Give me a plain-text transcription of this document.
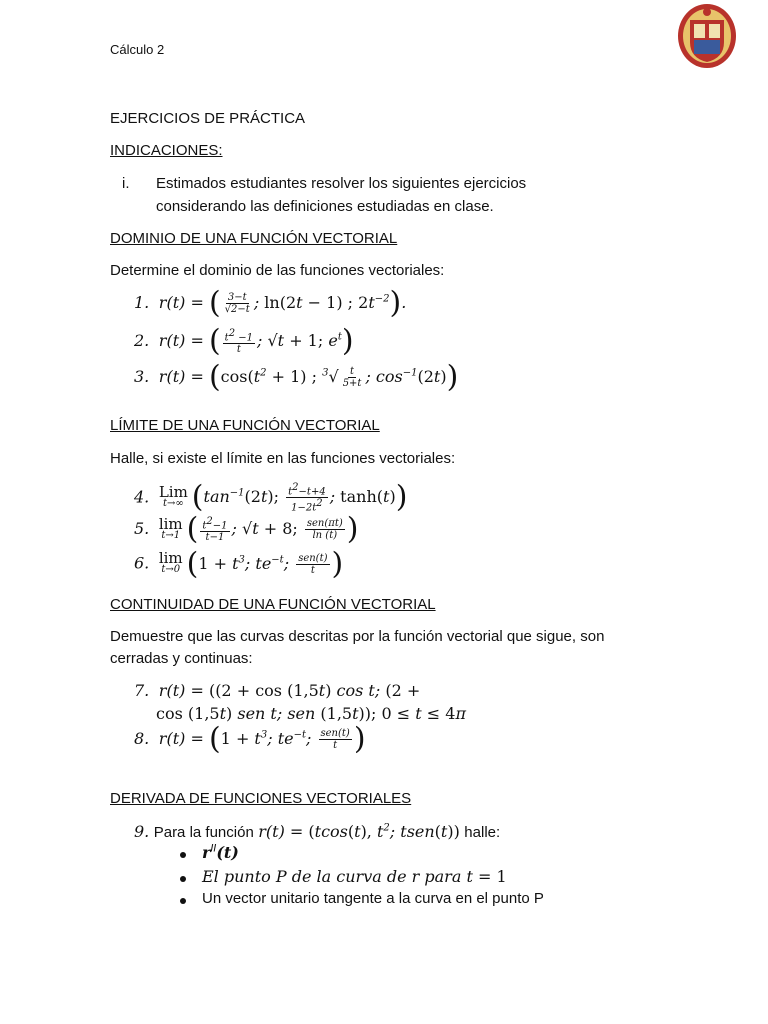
Cálculo 2
EJERCICIOS DE PRÁCTICA
INDICACIONES:
i. Estimados estudiantes resolver los siguientes ejercicios
considerando las definiciones estudiadas en clase.
DOMINIO DE UNA FUNCIÓN VECTORIAL
Determine el dominio de las funciones vectoriales:
1.  r(t) = ( $\frac{3-t}{√2-t}$ ; ln(2t − 1) ; $2t^{-2}$).
2.  r(t) = ( $\frac{t^2 -1}{t}$ ; √t + 1; $e^t$)
3.  $r(t) = (\cos(t^2 + 1)$ ; $^3√ \frac{t}{5+t}$ ; $\cos^{-1}(2t)$)
LÍMITE DE UNA FUNCIÓN VECTORIAL
Halle, si existe el límite en las funciones vectoriales:
4. Lim
t→∞ ($\tan^{-1}(2t)$; $\frac{t^2-t+4}{1-2t^2}$ ; tanh(t))
5. lim
t→1 ( $\frac{t^2-1}{t-1}$ ; √t + 8; $\frac{\text{sen(πt)}}{\ln (t)}$ )
6. lim
t→0 ($1 + t^3$; $te^{-t}$; $\frac{\text{sen(t)}}{t}$ )
CONTINUIDAD DE UNA FUNCIÓN VECTORIAL
Demuestre que las curvas descritas por la función vectorial que sigue, son
cerradas y continuas:
7.  r(t) = ((2 + cos (1,5t) cos t; (2 +
cos (1,5t) sen t; sen (1,5t)); 0 ≤ t ≤ 4π
8.  $r(t) = (1 + t^3$; $te^{-t}$; $\frac{\text{sen(t)}}{t}$ )
DERIVADA DE FUNCIONES VECTORIALES
9. Para la función r(t) = (tcos(t), $t^2$; tsen(t)) halle:
$r^{ǀǀ}(t)$
El punto P de la curva de r para t = 1
Un vector unitario tangente a la curva en el punto P
